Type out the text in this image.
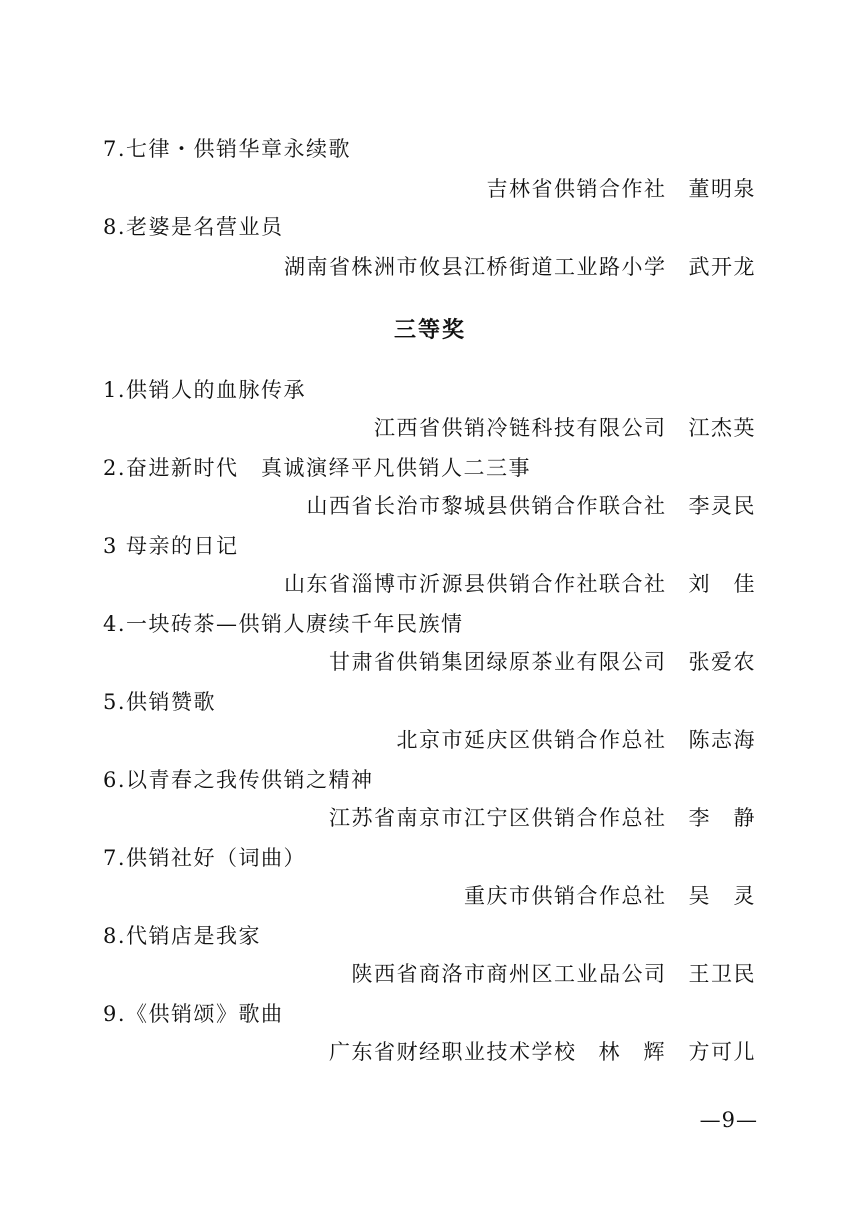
7.七律・供销华章永续歌
吉林省供销合作社 董明泉
8.老婆是名营业员
湖南省株洲市攸县江桥街道工业路小学 武开龙
三等奖
1.供销人的血脉传承
江西省供销冷链科技有限公司 江杰英
2.奋进新时代　真诚演绎平凡供销人二三事
山西省长治市黎城县供销合作联合社 李灵民
3 母亲的日记
山东省淄博市沂源县供销合作社联合社 刘　佳
4.一块砖茶—供销人赓续千年民族情
甘肃省供销集团绿原茶业有限公司 张爱农
5.供销赞歌
北京市延庆区供销合作总社 陈志海
6.以青春之我传供销之精神
江苏省南京市江宁区供销合作总社 李　静
7.供销社好（词曲）
重庆市供销合作总社 吴　灵
8.代销店是我家
陕西省商洛市商州区工业品公司 王卫民
9.《供销颂》歌曲
广东省财经职业技术学校 林　辉　方可儿
—9—
